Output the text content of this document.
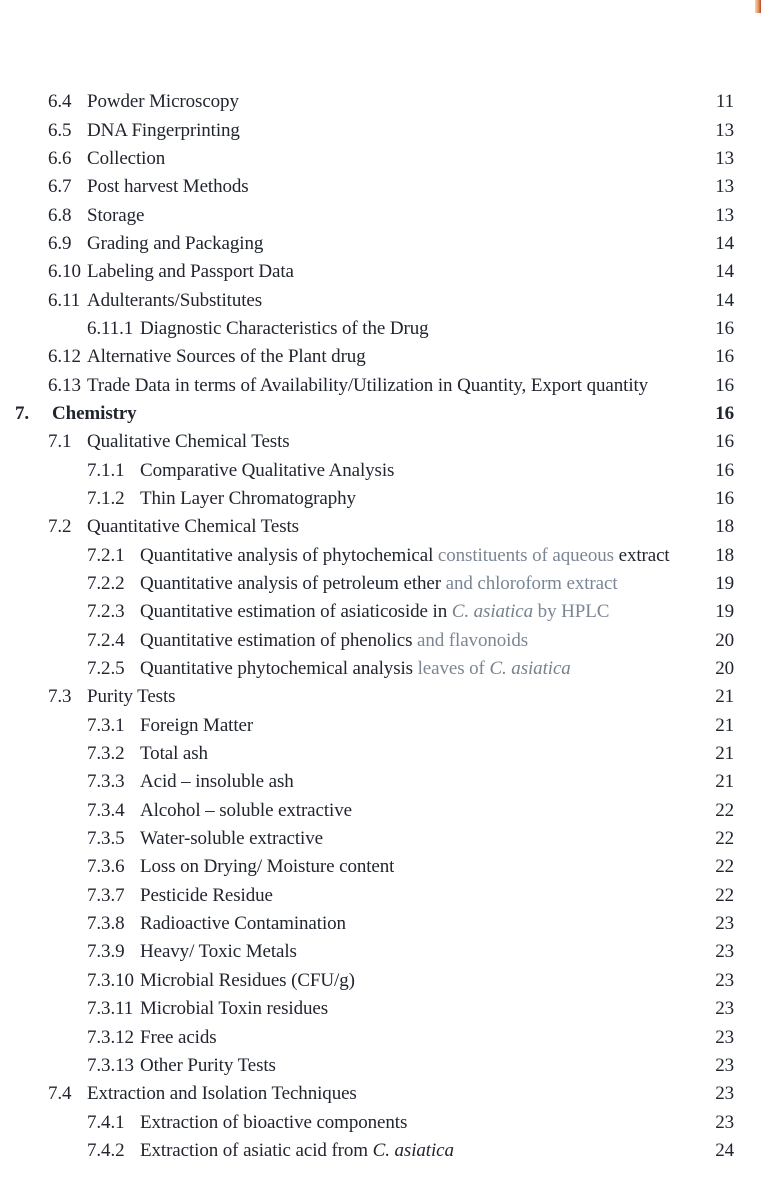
6.4 Powder Microscopy	11
6.5 DNA Fingerprinting	13
6.6 Collection	13
6.7 Post harvest Methods	13
6.8 Storage	13
6.9 Grading and Packaging	14
6.10 Labeling and Passport Data	14
6.11 Adulterants/Substitutes	14
6.11.1 Diagnostic Characteristics of the Drug	16
6.12 Alternative Sources of the Plant drug	16
6.13 Trade Data in terms of Availability/Utilization in Quantity, Export quantity	16
7.	Chemistry	16
7.1 Qualitative Chemical Tests	16
7.1.1 Comparative Qualitative Analysis	16
7.1.2 Thin Layer Chromatography	16
7.2 Quantitative Chemical Tests	18
7.2.1 Quantitative analysis of phytochemical constituents of aqueous extract	18
7.2.2 Quantitative analysis of petroleum ether and chloroform extract	19
7.2.3 Quantitative estimation of asiaticoside in C. asiatica by HPLC	19
7.2.4 Quantitative estimation of phenolics and flavonoids	20
7.2.5 Quantitative phytochemical analysis leaves of C. asiatica	20
7.3 Purity Tests	21
7.3.1 Foreign Matter	21
7.3.2 Total ash	21
7.3.3 Acid – insoluble ash	21
7.3.4 Alcohol – soluble extractive	22
7.3.5 Water-soluble extractive	22
7.3.6 Loss on Drying/ Moisture content	22
7.3.7 Pesticide Residue	22
7.3.8 Radioactive Contamination	23
7.3.9 Heavy/ Toxic Metals	23
7.3.10 Microbial Residues (CFU/g)	23
7.3.11 Microbial Toxin residues	23
7.3.12 Free acids	23
7.3.13 Other Purity Tests	23
7.4 Extraction and Isolation Techniques	23
7.4.1 Extraction of bioactive components	23
7.4.2 Extraction of asiatic acid from C. asiatica	24
